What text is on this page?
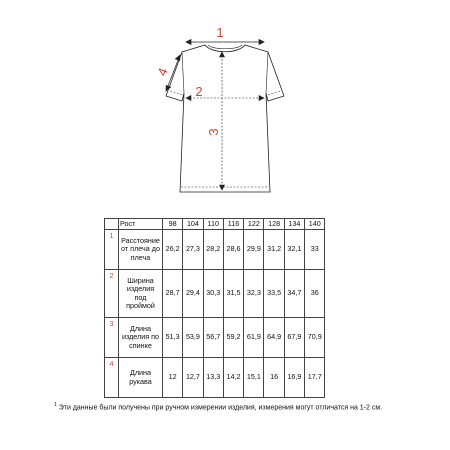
1
4
2
3
	Рост	98	104	110	116	122	128	134	140
1	Расстояние от плеча до плеча	26,2	27,3	28,2	28,6	29,9	31,2	32,1	33
2	Ширина изделия под проймой	28,7	29,4	30,3	31,5	32,3	33,5	34,7	36
3	Длина изделия по спинке	51,3	53,9	56,7	59,2	61,9	64,9	67,9	70,9
4	Длина рукава	12	12,7	13,3	14,2	15,1	16	16,9	17,7
$^1$ Эти данные были получены при ручном измерении изделия, измерения могут отличатся на 1-2 см.
